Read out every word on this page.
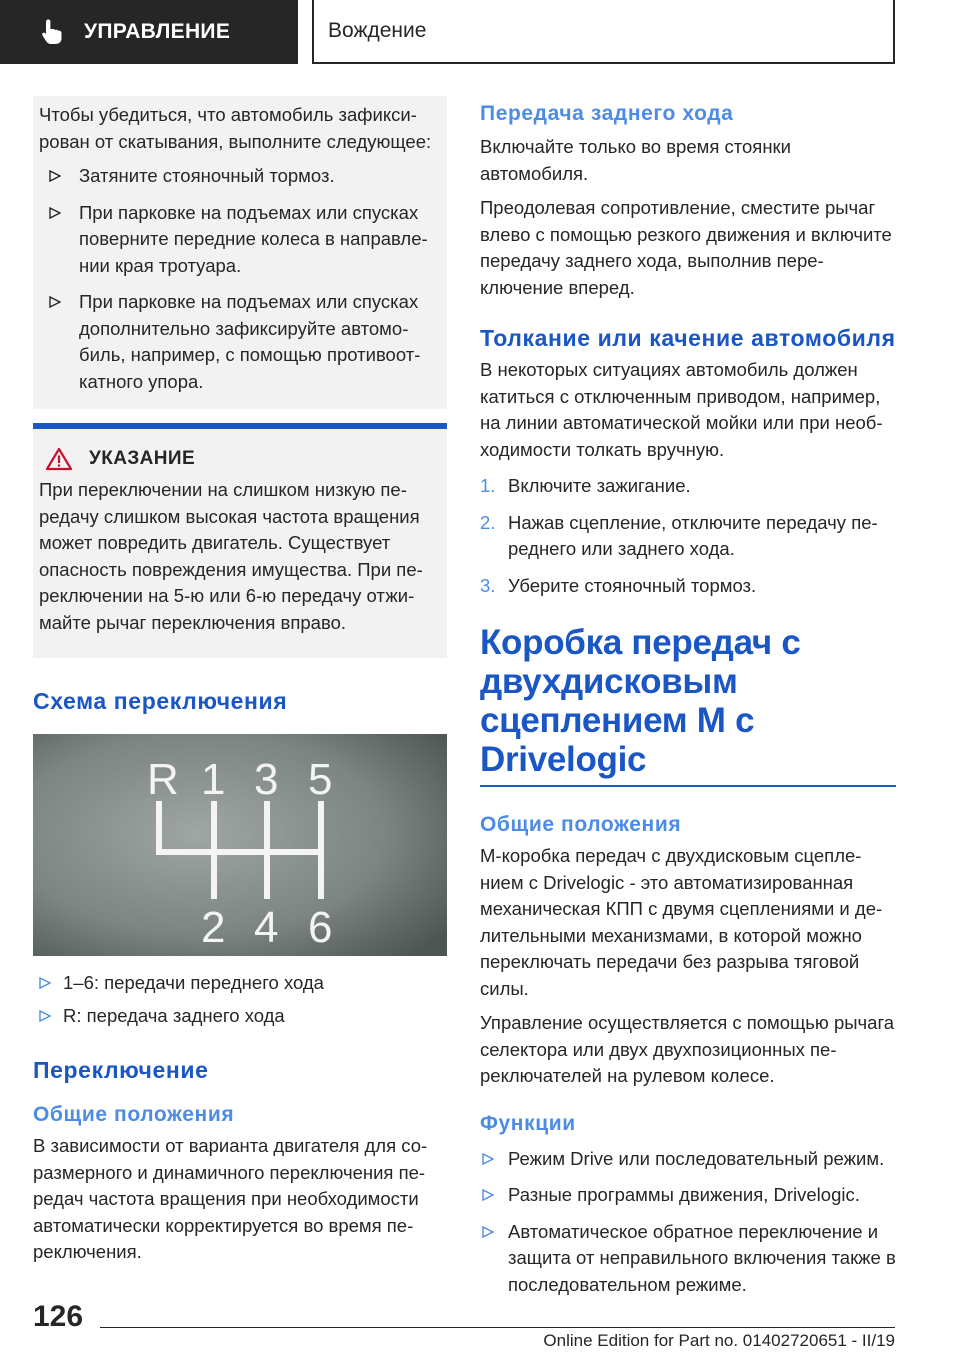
УПРАВЛЕНИЕ	Вождение

Чтобы убедиться, что автомобиль зафиксирован от скатывания, выполните следующее:

Затяните стояночный тормоз.
При парковке на подъемах или спусках поверните передние колеса в направлении края тротуара.
При парковке на подъемах или спусках дополнительно зафиксируйте автомобиль, например, с помощью противооткатного упора.
УКАЗАНИЕ

При переключении на слишком низкую передачу слишком высокая частота вращения может повредить двигатель. Существует опасность повреждения имущества. При переключении на 5-ю или 6-ю передачу отжимайте рычаг переключения вправо.

Схема переключения
R 1 3 5
2 4 6
1–6: передачи переднего хода
R: передача заднего хода
Переключение
Общие положения

В зависимости от варианта двигателя для соразмерного и динамичного переключения передач частота вращения при необходимости автоматически корректируется во время переключения.

Передача заднего хода

Включайте только во время стоянки автомобиля.

Преодолевая сопротивление, сместите рычаг влево с помощью резкого движения и включите передачу заднего хода, выполнив переключение вперед.

Толкание или качение автомобиля

В некоторых ситуациях автомобиль должен катиться с отключенным приводом, например, на линии автоматической мойки или при необходимости толкать вручную.

1. Включите зажигание.
2. Нажав сцепление, отключите передачу переднего или заднего хода.
3. Уберите стояночный тормоз.
Коробка передач с двухдисковым сцеплением M с Drivelogic
Общие положения

M-коробка передач с двухдисковым сцеплением с Drivelogic - это автоматизированная механическая КПП с двумя сцеплениями и делительными механизмами, в которой можно переключать передачи без разрыва тяговой силы.

Управление осуществляется с помощью рычага селектора или двух двухпозиционных переключателей на рулевом колесе.

Функции
Режим Drive или последовательный режим.
Разные программы движения, Drivelogic.
Автоматическое обратное переключение и защита от неправильного включения также в последовательном режиме.
126
Online Edition for Part no. 01402720651 - II/19
